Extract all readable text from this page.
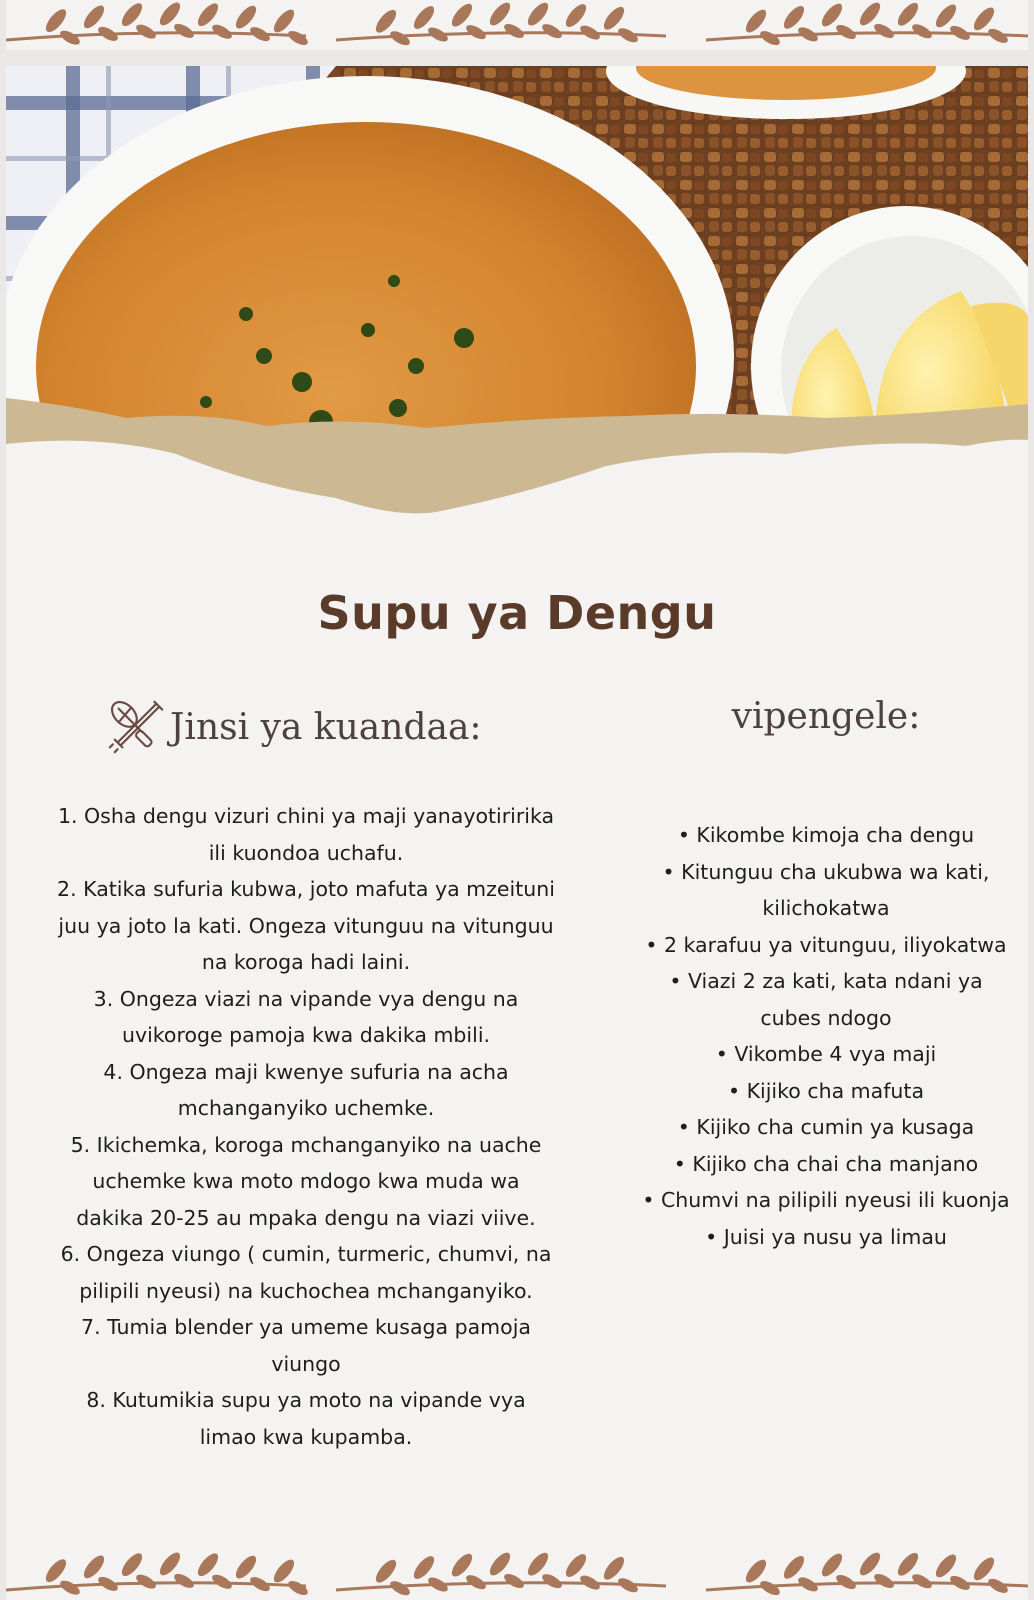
Supu ya Dengu
Jinsi ya kuandaa:	vipengele:
1. Osha dengu vizuri chini ya maji yanayotiririka ili kuondoa uchafu.
2. Katika sufuria kubwa, joto mafuta ya mzeituni juu ya joto la kati. Ongeza vitunguu na vitunguu na koroga hadi laini.
3. Ongeza viazi na vipande vya dengu na uvikoroge pamoja kwa dakika mbili.
4. Ongeza maji kwenye sufuria na acha mchanganyiko uchemke.
5. Ikichemka, koroga mchanganyiko na uache uchemke kwa moto mdogo kwa muda wa dakika 20-25 au mpaka dengu na viazi viive.
6. Ongeza viungo ( cumin, turmeric, chumvi, na pilipili nyeusi) na kuchochea mchanganyiko.
7. Tumia blender ya umeme kusaga pamoja viungo
8. Kutumikia supu ya moto na vipande vya limao kwa kupamba.
• Kikombe kimoja cha dengu
• Kitunguu cha ukubwa wa kati, kilichokatwa
• 2 karafuu ya vitunguu, iliyokatwa
• Viazi 2 za kati, kata ndani ya cubes ndogo
• Vikombe 4 vya maji
• Kijiko cha mafuta
• Kijiko cha cumin ya kusaga
• Kijiko cha chai cha manjano
• Chumvi na pilipili nyeusi ili kuonja
• Juisi ya nusu ya limau
